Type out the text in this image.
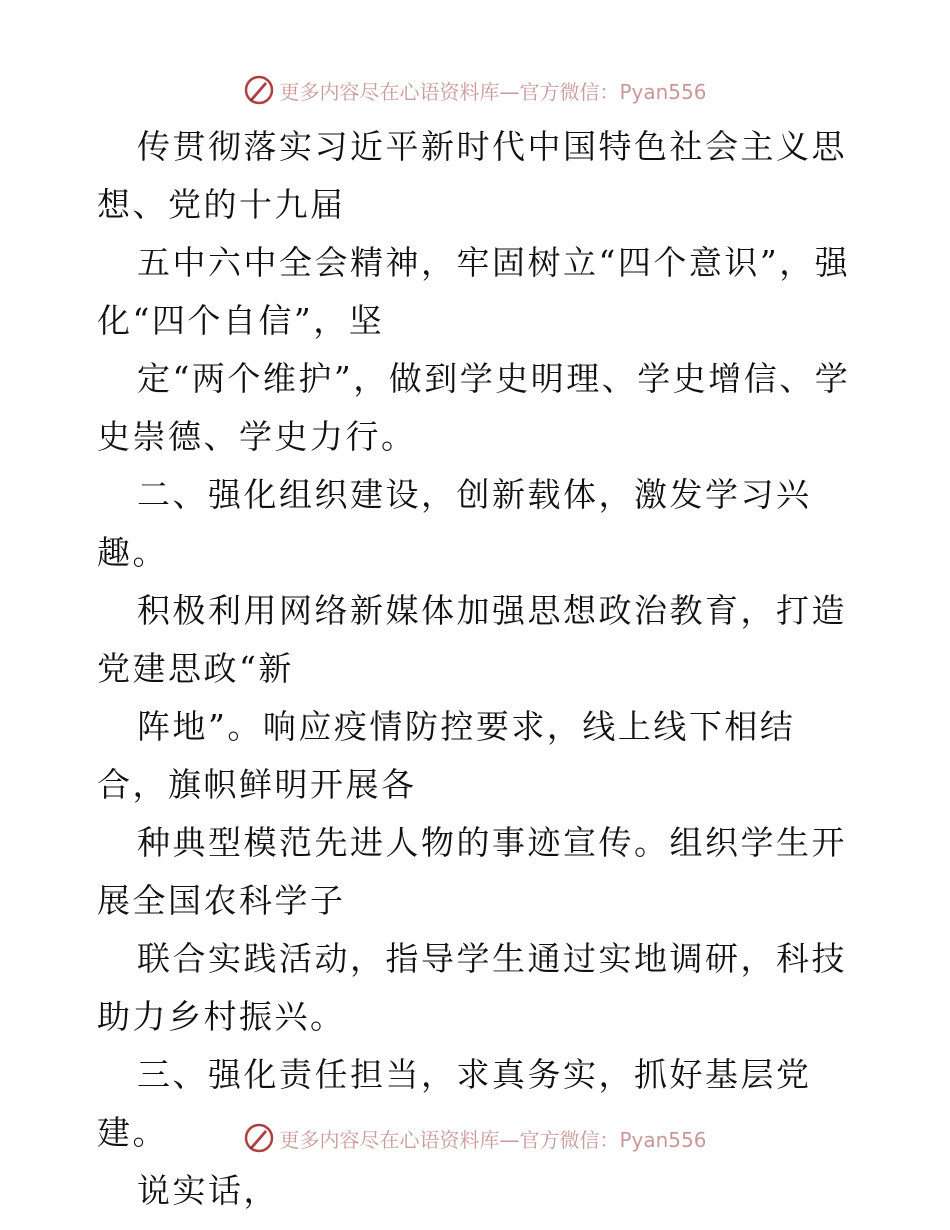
更多内容尽在心语资料库—官方微信：Pyan556

传贯彻落实习近平新时代中国特色社会主义思想、党的十九届

五中六中全会精神，牢固树立“四个意识”，强化“四个自信”，坚

定“两个维护”，做到学史明理、学史增信、学史崇德、学史力行。

二、强化组织建设，创新载体，激发学习兴趣。

积极利用网络新媒体加强思想政治教育，打造党建思政“新

阵地”。响应疫情防控要求，线上线下相结合，旗帜鲜明开展各

种典型模范先进人物的事迹宣传。组织学生开展全国农科学子

联合实践活动，指导学生通过实地调研，科技助力乡村振兴。

三、强化责任担当，求真务实，抓好基层党建。

说实话，

更多内容尽在心语资料库—官方微信：Pyan556
